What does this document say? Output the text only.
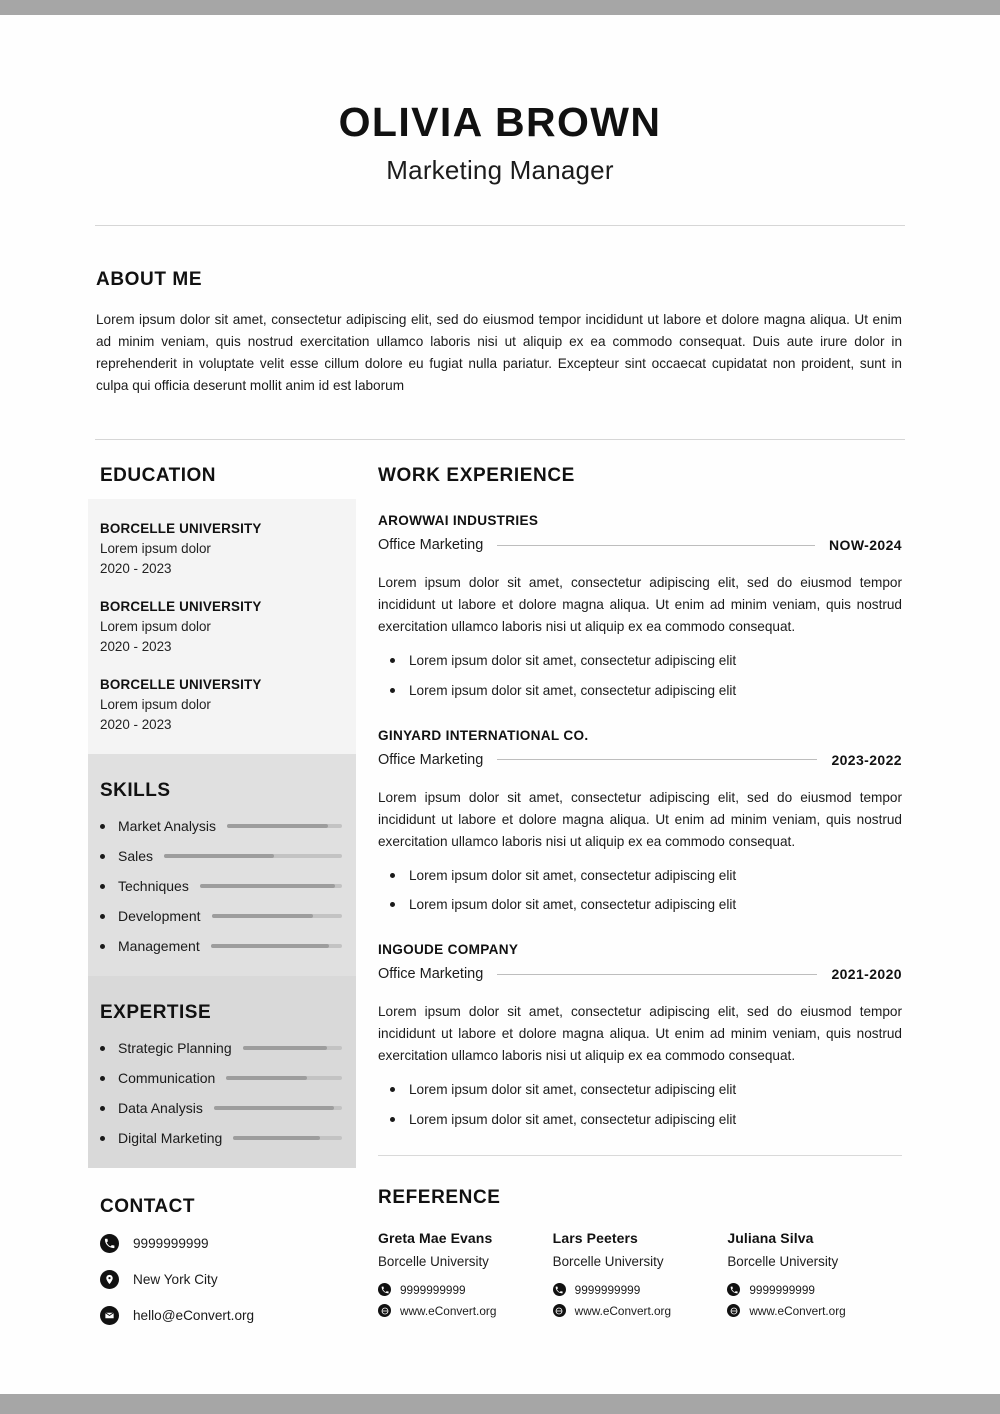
OLIVIA BROWN
Marketing Manager
ABOUT ME
Lorem ipsum dolor sit amet, consectetur adipiscing elit, sed do eiusmod tempor incididunt ut labore et dolore magna aliqua. Ut enim ad minim veniam, quis nostrud exercitation ullamco laboris nisi ut aliquip ex ea commodo consequat. Duis aute irure dolor in reprehenderit in voluptate velit esse cillum dolore eu fugiat nulla pariatur. Excepteur sint occaecat cupidatat non proident, sunt in culpa qui officia deserunt mollit anim id est laborum
EDUCATION
BORCELLE UNIVERSITY
Lorem ipsum dolor
2020 - 2023
BORCELLE UNIVERSITY
Lorem ipsum dolor
2020 - 2023
BORCELLE UNIVERSITY
Lorem ipsum dolor
2020 - 2023
SKILLS
Market Analysis
Sales
Techniques
Development
Management
EXPERTISE
Strategic Planning
Communication
Data Analysis
Digital Marketing
CONTACT
9999999999
New York City
hello@eConvert.org
WORK EXPERIENCE
AROWWAI INDUSTRIES
Office Marketing	NOW-2024
Lorem ipsum dolor sit amet, consectetur adipiscing elit, sed do eiusmod tempor incididunt ut labore et dolore magna aliqua. Ut enim ad minim veniam, quis nostrud exercitation ullamco laboris nisi ut aliquip ex ea commodo consequat.
Lorem ipsum dolor sit amet, consectetur adipiscing elit
Lorem ipsum dolor sit amet, consectetur adipiscing elit
GINYARD INTERNATIONAL CO.
Office Marketing	2023-2022
Lorem ipsum dolor sit amet, consectetur adipiscing elit, sed do eiusmod tempor incididunt ut labore et dolore magna aliqua. Ut enim ad minim veniam, quis nostrud exercitation ullamco laboris nisi ut aliquip ex ea commodo consequat.
Lorem ipsum dolor sit amet, consectetur adipiscing elit
Lorem ipsum dolor sit amet, consectetur adipiscing elit
INGOUDE COMPANY
Office Marketing	2021-2020
Lorem ipsum dolor sit amet, consectetur adipiscing elit, sed do eiusmod tempor incididunt ut labore et dolore magna aliqua. Ut enim ad minim veniam, quis nostrud exercitation ullamco laboris nisi ut aliquip ex ea commodo consequat.
Lorem ipsum dolor sit amet, consectetur adipiscing elit
Lorem ipsum dolor sit amet, consectetur adipiscing elit
REFERENCE
Greta Mae Evans
Borcelle University
9999999999
www.eConvert.org
Lars Peeters
Borcelle University
9999999999
www.eConvert.org
Juliana Silva
Borcelle University
9999999999
www.eConvert.org
